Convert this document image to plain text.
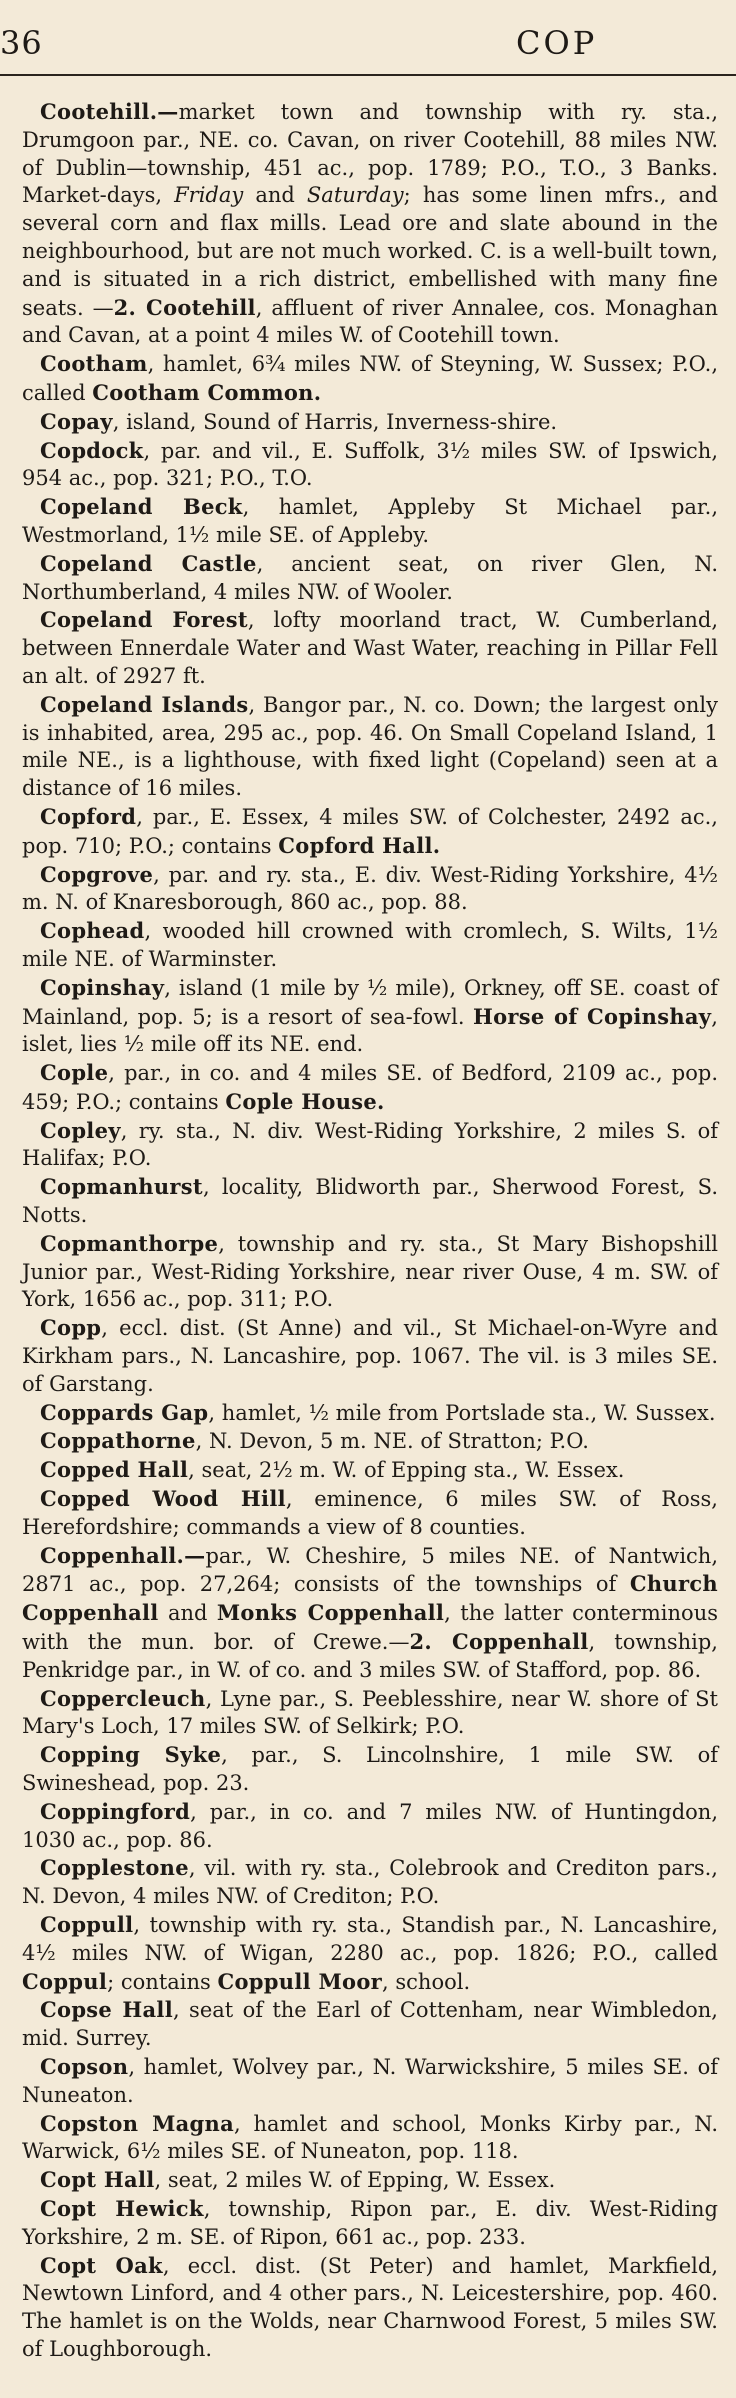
36	COP

Cootehill.—market town and township with ry. sta., Drumgoon par., NE. co. Cavan, on river Cootehill, 88 miles NW. of Dublin—township, 451 ac., pop. 1789; P.O., T.O., 3 Banks. Market-days, Friday and Saturday; has some linen mfrs., and several corn and flax mills. Lead ore and slate abound in the neighbourhood, but are not much worked. C. is a well-built town, and is situated in a rich district, embellished with many fine seats. —2. Cootehill, affluent of river Annalee, cos. Monaghan and Cavan, at a point 4 miles W. of Cootehill town.

Cootham, hamlet, 6¾ miles NW. of Steyning, W. Sussex; P.O., called Cootham Common.

Copay, island, Sound of Harris, Inverness-shire.

Copdock, par. and vil., E. Suffolk, 3½ miles SW. of Ipswich, 954 ac., pop. 321; P.O., T.O.

Copeland Beck, hamlet, Appleby St Michael par., Westmorland, 1½ mile SE. of Appleby.

Copeland Castle, ancient seat, on river Glen, N. Northumberland, 4 miles NW. of Wooler.

Copeland Forest, lofty moorland tract, W. Cumberland, between Ennerdale Water and Wast Water, reaching in Pillar Fell an alt. of 2927 ft.

Copeland Islands, Bangor par., N. co. Down; the largest only is inhabited, area, 295 ac., pop. 46. On Small Copeland Island, 1 mile NE., is a lighthouse, with fixed light (Copeland) seen at a distance of 16 miles.

Copford, par., E. Essex, 4 miles SW. of Colchester, 2492 ac., pop. 710; P.O.; contains Copford Hall.

Copgrove, par. and ry. sta., E. div. West-Riding Yorkshire, 4½ m. N. of Knaresborough, 860 ac., pop. 88.

Cophead, wooded hill crowned with cromlech, S. Wilts, 1½ mile NE. of Warminster.

Copinshay, island (1 mile by ½ mile), Orkney, off SE. coast of Mainland, pop. 5; is a resort of sea-fowl. Horse of Copinshay, islet, lies ½ mile off its NE. end.

Cople, par., in co. and 4 miles SE. of Bedford, 2109 ac., pop. 459; P.O.; contains Cople House.

Copley, ry. sta., N. div. West-Riding Yorkshire, 2 miles S. of Halifax; P.O.

Copmanhurst, locality, Blidworth par., Sherwood Forest, S. Notts.

Copmanthorpe, township and ry. sta., St Mary Bishopshill Junior par., West-Riding Yorkshire, near river Ouse, 4 m. SW. of York, 1656 ac., pop. 311; P.O.

Copp, eccl. dist. (St Anne) and vil., St Michael-on-Wyre and Kirkham pars., N. Lancashire, pop. 1067. The vil. is 3 miles SE. of Garstang.

Coppards Gap, hamlet, ½ mile from Portslade sta., W. Sussex.

Coppathorne, N. Devon, 5 m. NE. of Stratton; P.O.

Copped Hall, seat, 2½ m. W. of Epping sta., W. Essex.

Copped Wood Hill, eminence, 6 miles SW. of Ross, Herefordshire; commands a view of 8 counties.

Coppenhall.—par., W. Cheshire, 5 miles NE. of Nantwich, 2871 ac., pop. 27,264; consists of the townships of Church Coppenhall and Monks Coppenhall, the latter conterminous with the mun. bor. of Crewe.—2. Coppenhall, township, Penkridge par., in W. of co. and 3 miles SW. of Stafford, pop. 86.

Coppercleuch, Lyne par., S. Peeblesshire, near W. shore of St Mary's Loch, 17 miles SW. of Selkirk; P.O.

Copping Syke, par., S. Lincolnshire, 1 mile SW. of Swineshead, pop. 23.

Coppingford, par., in co. and 7 miles NW. of Huntingdon, 1030 ac., pop. 86.

Copplestone, vil. with ry. sta., Colebrook and Crediton pars., N. Devon, 4 miles NW. of Crediton; P.O.

Coppull, township with ry. sta., Standish par., N. Lancashire, 4½ miles NW. of Wigan, 2280 ac., pop. 1826; P.O., called Coppul; contains Coppull Moor, school.

Copse Hall, seat of the Earl of Cottenham, near Wimbledon, mid. Surrey.

Copson, hamlet, Wolvey par., N. Warwickshire, 5 miles SE. of Nuneaton.

Copston Magna, hamlet and school, Monks Kirby par., N. Warwick, 6½ miles SE. of Nuneaton, pop. 118.

Copt Hall, seat, 2 miles W. of Epping, W. Essex.

Copt Hewick, township, Ripon par., E. div. West-Riding Yorkshire, 2 m. SE. of Ripon, 661 ac., pop. 233.

Copt Oak, eccl. dist. (St Peter) and hamlet, Markfield, Newtown Linford, and 4 other pars., N. Leicestershire, pop. 460. The hamlet is on the Wolds, near Charnwood Forest, 5 miles SW. of Loughborough.
